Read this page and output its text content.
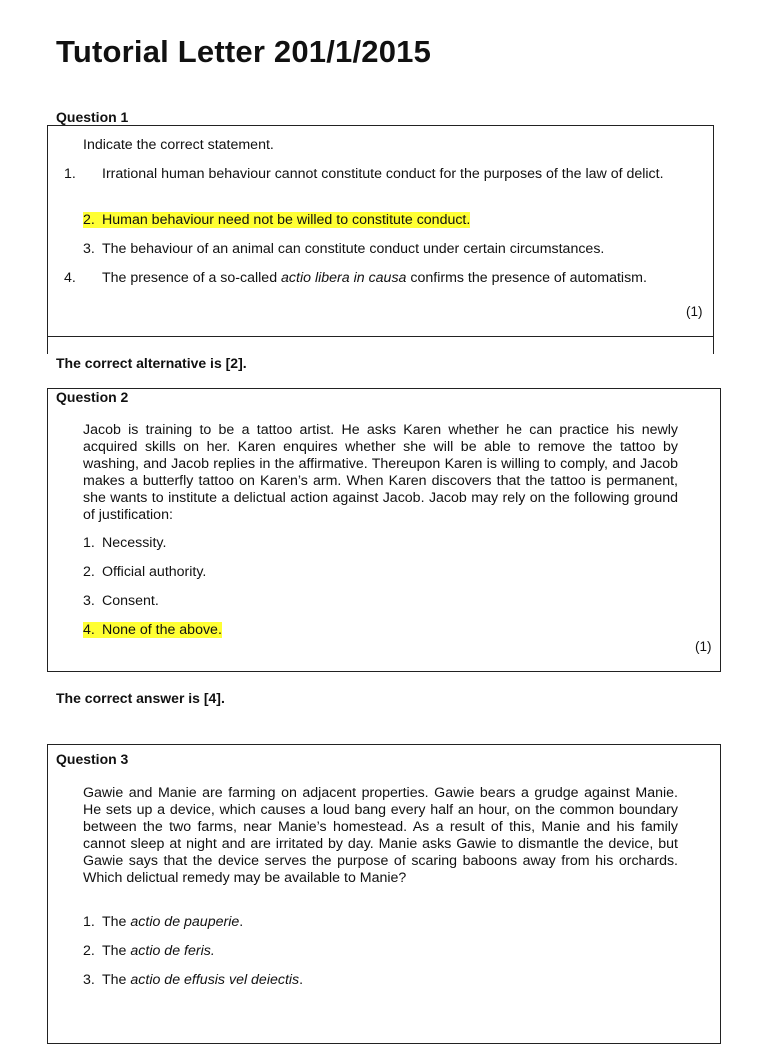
Tutorial Letter 201/1/2015
Question 1
Indicate the correct statement.
1. Irrational human behaviour cannot constitute conduct for the purposes of the law of delict.
2. Human behaviour need not be willed to constitute conduct.
3. The behaviour of an animal can constitute conduct under certain circumstances.
4. The presence of a so-called actio libera in causa confirms the presence of automatism.
(1)
The correct alternative is [2].
Question 2
Jacob is training to be a tattoo artist. He asks Karen whether he can practice his newly acquired skills on her. Karen enquires whether she will be able to remove the tattoo by washing, and Jacob replies in the affirmative. Thereupon Karen is willing to comply, and Jacob makes a butterfly tattoo on Karen’s arm. When Karen discovers that the tattoo is permanent, she wants to institute a delictual action against Jacob. Jacob may rely on the following ground of justification:
1. Necessity.
2. Official authority.
3. Consent.
4. None of the above.
(1)
The correct answer is [4].
Question 3
Gawie and Manie are farming on adjacent properties. Gawie bears a grudge against Manie. He sets up a device, which causes a loud bang every half an hour, on the common boundary between the two farms, near Manie’s homestead. As a result of this, Manie and his family cannot sleep at night and are irritated by day. Manie asks Gawie to dismantle the device, but Gawie says that the device serves the purpose of scaring baboons away from his orchards. Which delictual remedy may be available to Manie?
1. The actio de pauperie.
2. The actio de feris.
3. The actio de effusis vel deiectis.
